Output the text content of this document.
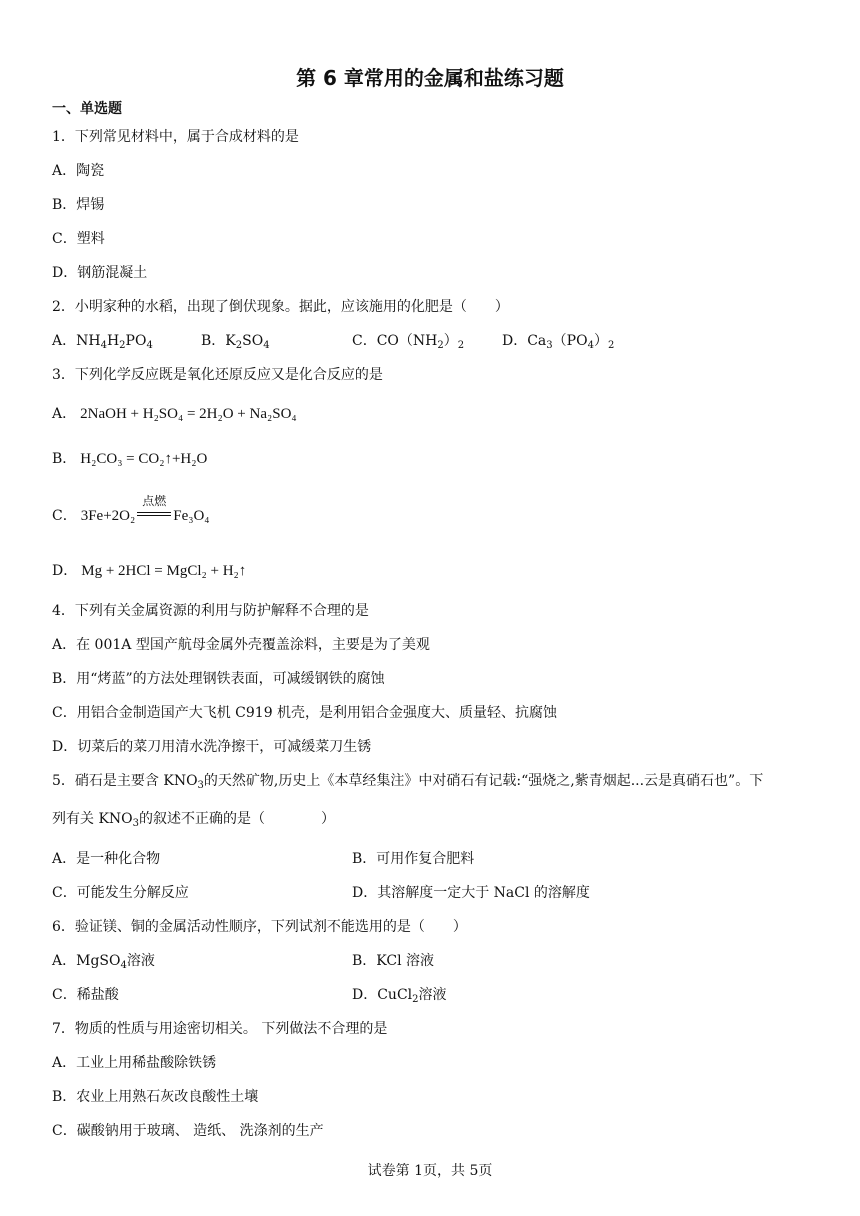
第 6 章常用的金属和盐练习题
一、单选题
1．下列常见材料中，属于合成材料的是
A．陶瓷
B．焊锡
C．塑料
D．钢筋混凝土
2．小明家种的水稻，出现了倒伏现象。据此，应该施用的化肥是（　　）
A．$NH_4H_2PO_4$	B．$K_2SO_4$	C．$CO(NH_2)_2$	D．$Ca_3(PO_4)_2$
3．下列化学反应既是氧化还原反应又是化合反应的是
A． 2NaOH + H₂SO₄ = 2H₂O + Na₂SO₄
B． H₂CO₃ = CO₂↑+H₂O
C． 3Fe+2O₂
点燃
Fe₃O₄
D． Mg + 2HCl = MgCl₂ + H₂↑
4．下列有关金属资源的利用与防护解释不合理的是
A．在 001A 型国产航母金属外壳覆盖涂料，主要是为了美观
B．用“烤蓝”的方法处理钢铁表面，可减缓钢铁的腐蚀
C．用铝合金制造国产大飞机 C919 机壳，是利用铝合金强度大、质量轻、抗腐蚀
D．切菜后的菜刀用清水洗净擦干，可减缓菜刀生锈
5．硝石是主要含 $KNO_3$的天然矿物,历史上《本草经集注》中对硝石有记载:“强烧之,紫青烟起...云是真硝石也”。下
列有关 $KNO_3$的叙述不正确的是（　　　　）
A．是一种化合物	B．可用作复合肥料
C．可能发生分解反应	D．其溶解度一定大于 NaCl 的溶解度
6．验证镁、铜的金属活动性顺序，下列试剂不能选用的是（　　）
A．MgSO$_4$溶液	B．KCl 溶液
C．稀盐酸	D．CuCl$_2$溶液
7．物质的性质与用途密切相关。 下列做法不合理的是
A．工业上用稀盐酸除铁锈
B．农业上用熟石灰改良酸性土壤
C．碳酸钠用于玻璃、 造纸、 洗涤剂的生产
试卷第 1页，共 5页
